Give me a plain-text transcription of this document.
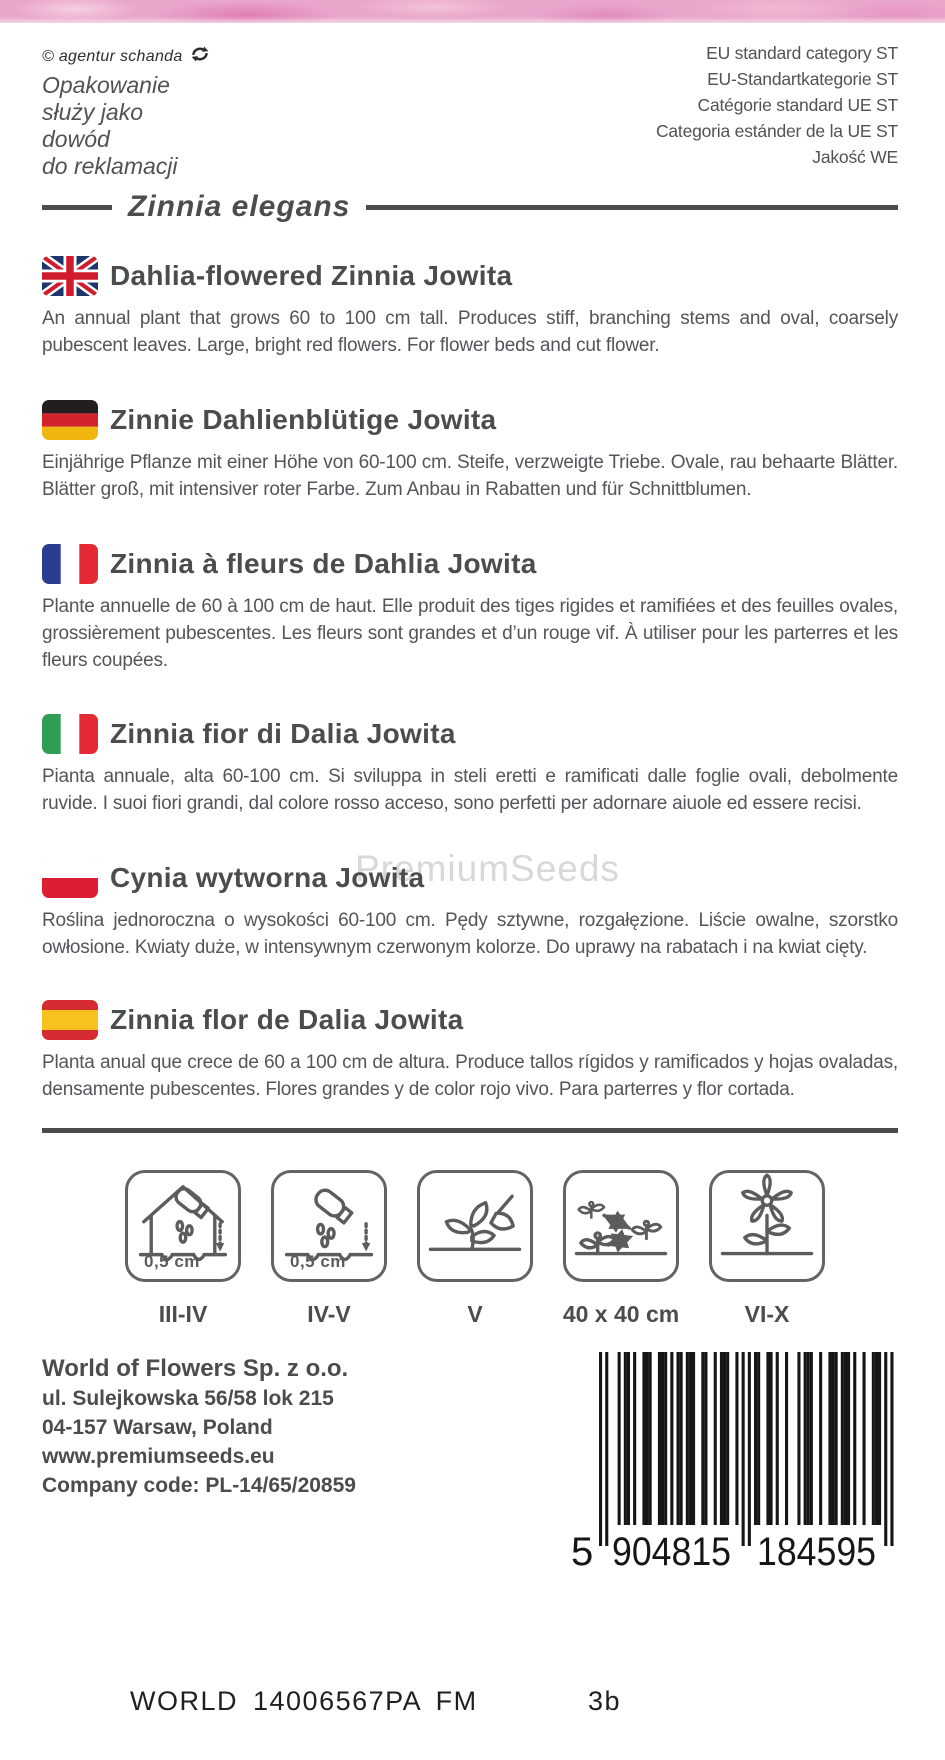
© agentur schanda
Opakowanie
służy jako
dowód
do reklamacji
EU standard category ST
EU-Standartkategorie ST
Catégorie standard UE ST
Categoria estánder de la UE ST
Jakość WE
Zinnia elegans
PremiumSeeds
Dahlia-flowered Zinnia Jowita
An annual plant that grows 60 to 100 cm tall. Produces stiff, branching stems and oval, coarsely pubescent leaves. Large, bright red flowers. For flower beds and cut flower.
Zinnie Dahlienblütige Jowita
Einjährige Pflanze mit einer Höhe von 60-100 cm. Steife, verzweigte Triebe. Ovale, rau behaarte Blätter. Blätter groß, mit intensiver roter Farbe. Zum Anbau in Rabatten und für Schnittblumen.
Zinnia à fleurs de Dahlia Jowita
Plante annuelle de 60 à 100 cm de haut. Elle produit des tiges rigides et ramifiées et des feuilles ovales, grossièrement pubescentes. Les fleurs sont grandes et d’un rouge vif. À utiliser pour les parterres et les fleurs coupées.
Zinnia fior di Dalia Jowita
Pianta annuale, alta 60-100 cm. Si sviluppa in steli eretti e ramificati dalle foglie ovali, debolmente ruvide. I suoi fiori grandi, dal colore rosso acceso, sono perfetti per adornare aiuole ed essere recisi.
Cynia wytworna Jowita
Roślina jednoroczna o wysokości 60-100 cm. Pędy sztywne, rozgałęzione. Liście owalne, szorstko owłosione. Kwiaty duże, w intensywnym czerwonym kolorze. Do uprawy na rabatach i na kwiat cięty.
Zinnia flor de Dalia Jowita
Planta anual que crece de 60 a 100 cm de altura. Produce tallos rígidos y ramificados y hojas ovaladas, densamente pubescentes. Flores grandes y de color rojo vivo. Para parterres y flor cortada.
0,5 cm	0,5 cm
III-IV	IV-V	V	40 x 40 cm	VI-X
World of Flowers Sp. z o.o.
ul. Sulejkowska 56/58 lok 215
04-157 Warsaw, Poland
www.premiumseeds.eu
Company code: PL-14/65/20859
5 904815 184595
WORLD 14006567PA FM	3b
